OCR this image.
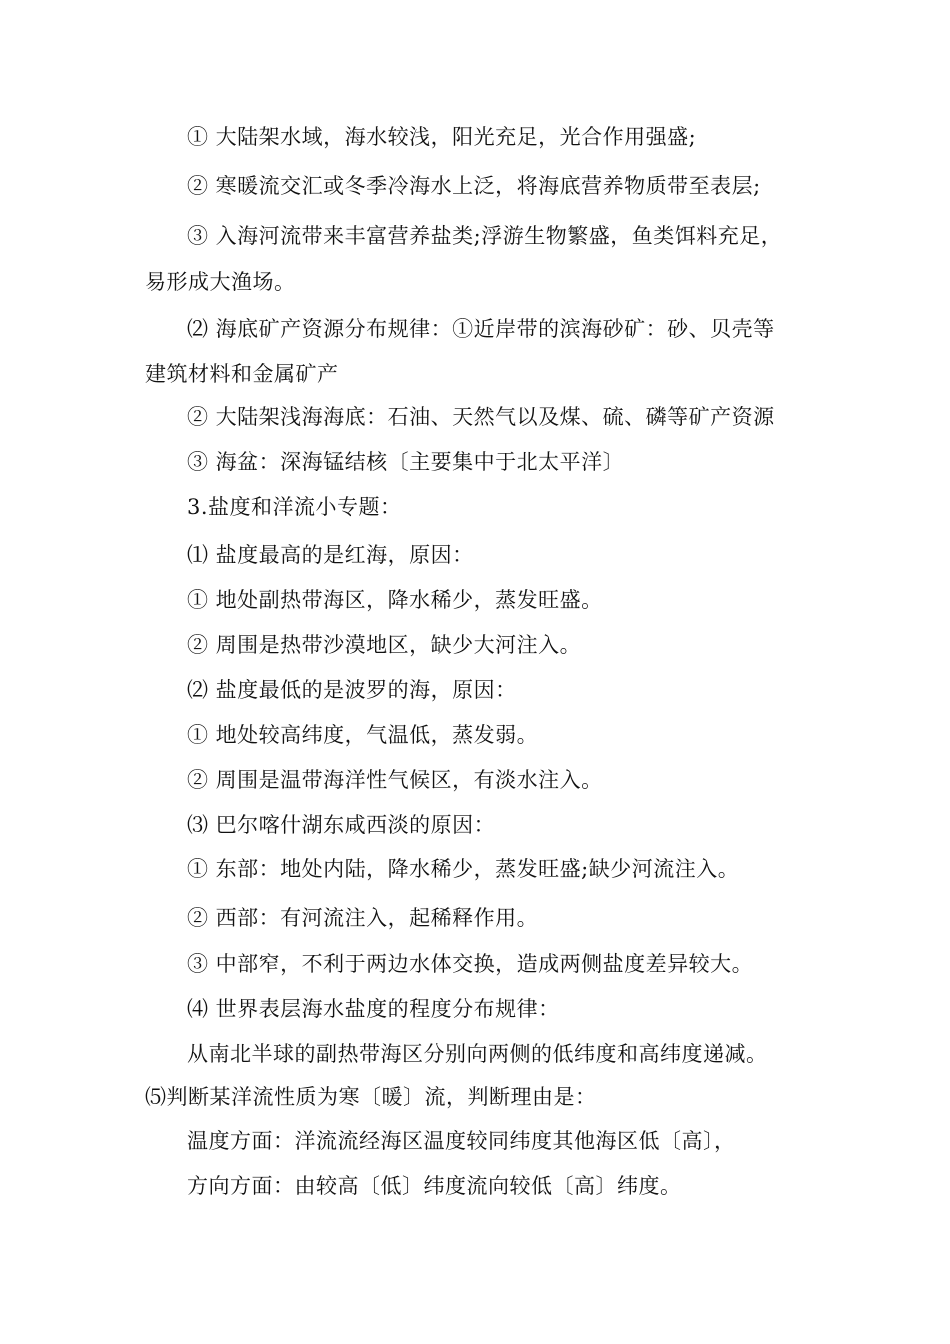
① 大陆架水域，海水较浅，阳光充足，光合作用强盛;
② 寒暖流交汇或冬季冷海水上泛，将海底营养物质带至表层;
③ 入海河流带来丰富营养盐类;浮游生物繁盛，鱼类饵料充足，
易形成大渔场。
⑵ 海底矿产资源分布规律：①近岸带的滨海砂矿：砂、贝壳等
建筑材料和金属矿产
② 大陆架浅海海底：石油、天然气以及煤、硫、磷等矿产资源
③ 海盆：深海锰结核〔主要集中于北太平洋〕
3.盐度和洋流小专题：
⑴ 盐度最高的是红海，原因：
① 地处副热带海区，降水稀少，蒸发旺盛。
② 周围是热带沙漠地区，缺少大河注入。
⑵ 盐度最低的是波罗的海，原因：
① 地处较高纬度，气温低，蒸发弱。
② 周围是温带海洋性气候区，有淡水注入。
⑶ 巴尔喀什湖东咸西淡的原因：
① 东部：地处内陆，降水稀少，蒸发旺盛;缺少河流注入。
② 西部：有河流注入，起稀释作用。
③ 中部窄，不利于两边水体交换，造成两侧盐度差异较大。
⑷ 世界表层海水盐度的程度分布规律：
从南北半球的副热带海区分别向两侧的低纬度和高纬度递减。
⑸判断某洋流性质为寒〔暖〕流，判断理由是：
温度方面：洋流流经海区温度较同纬度其他海区低〔高〕，
方向方面：由较高〔低〕纬度流向较低〔高〕纬度。
